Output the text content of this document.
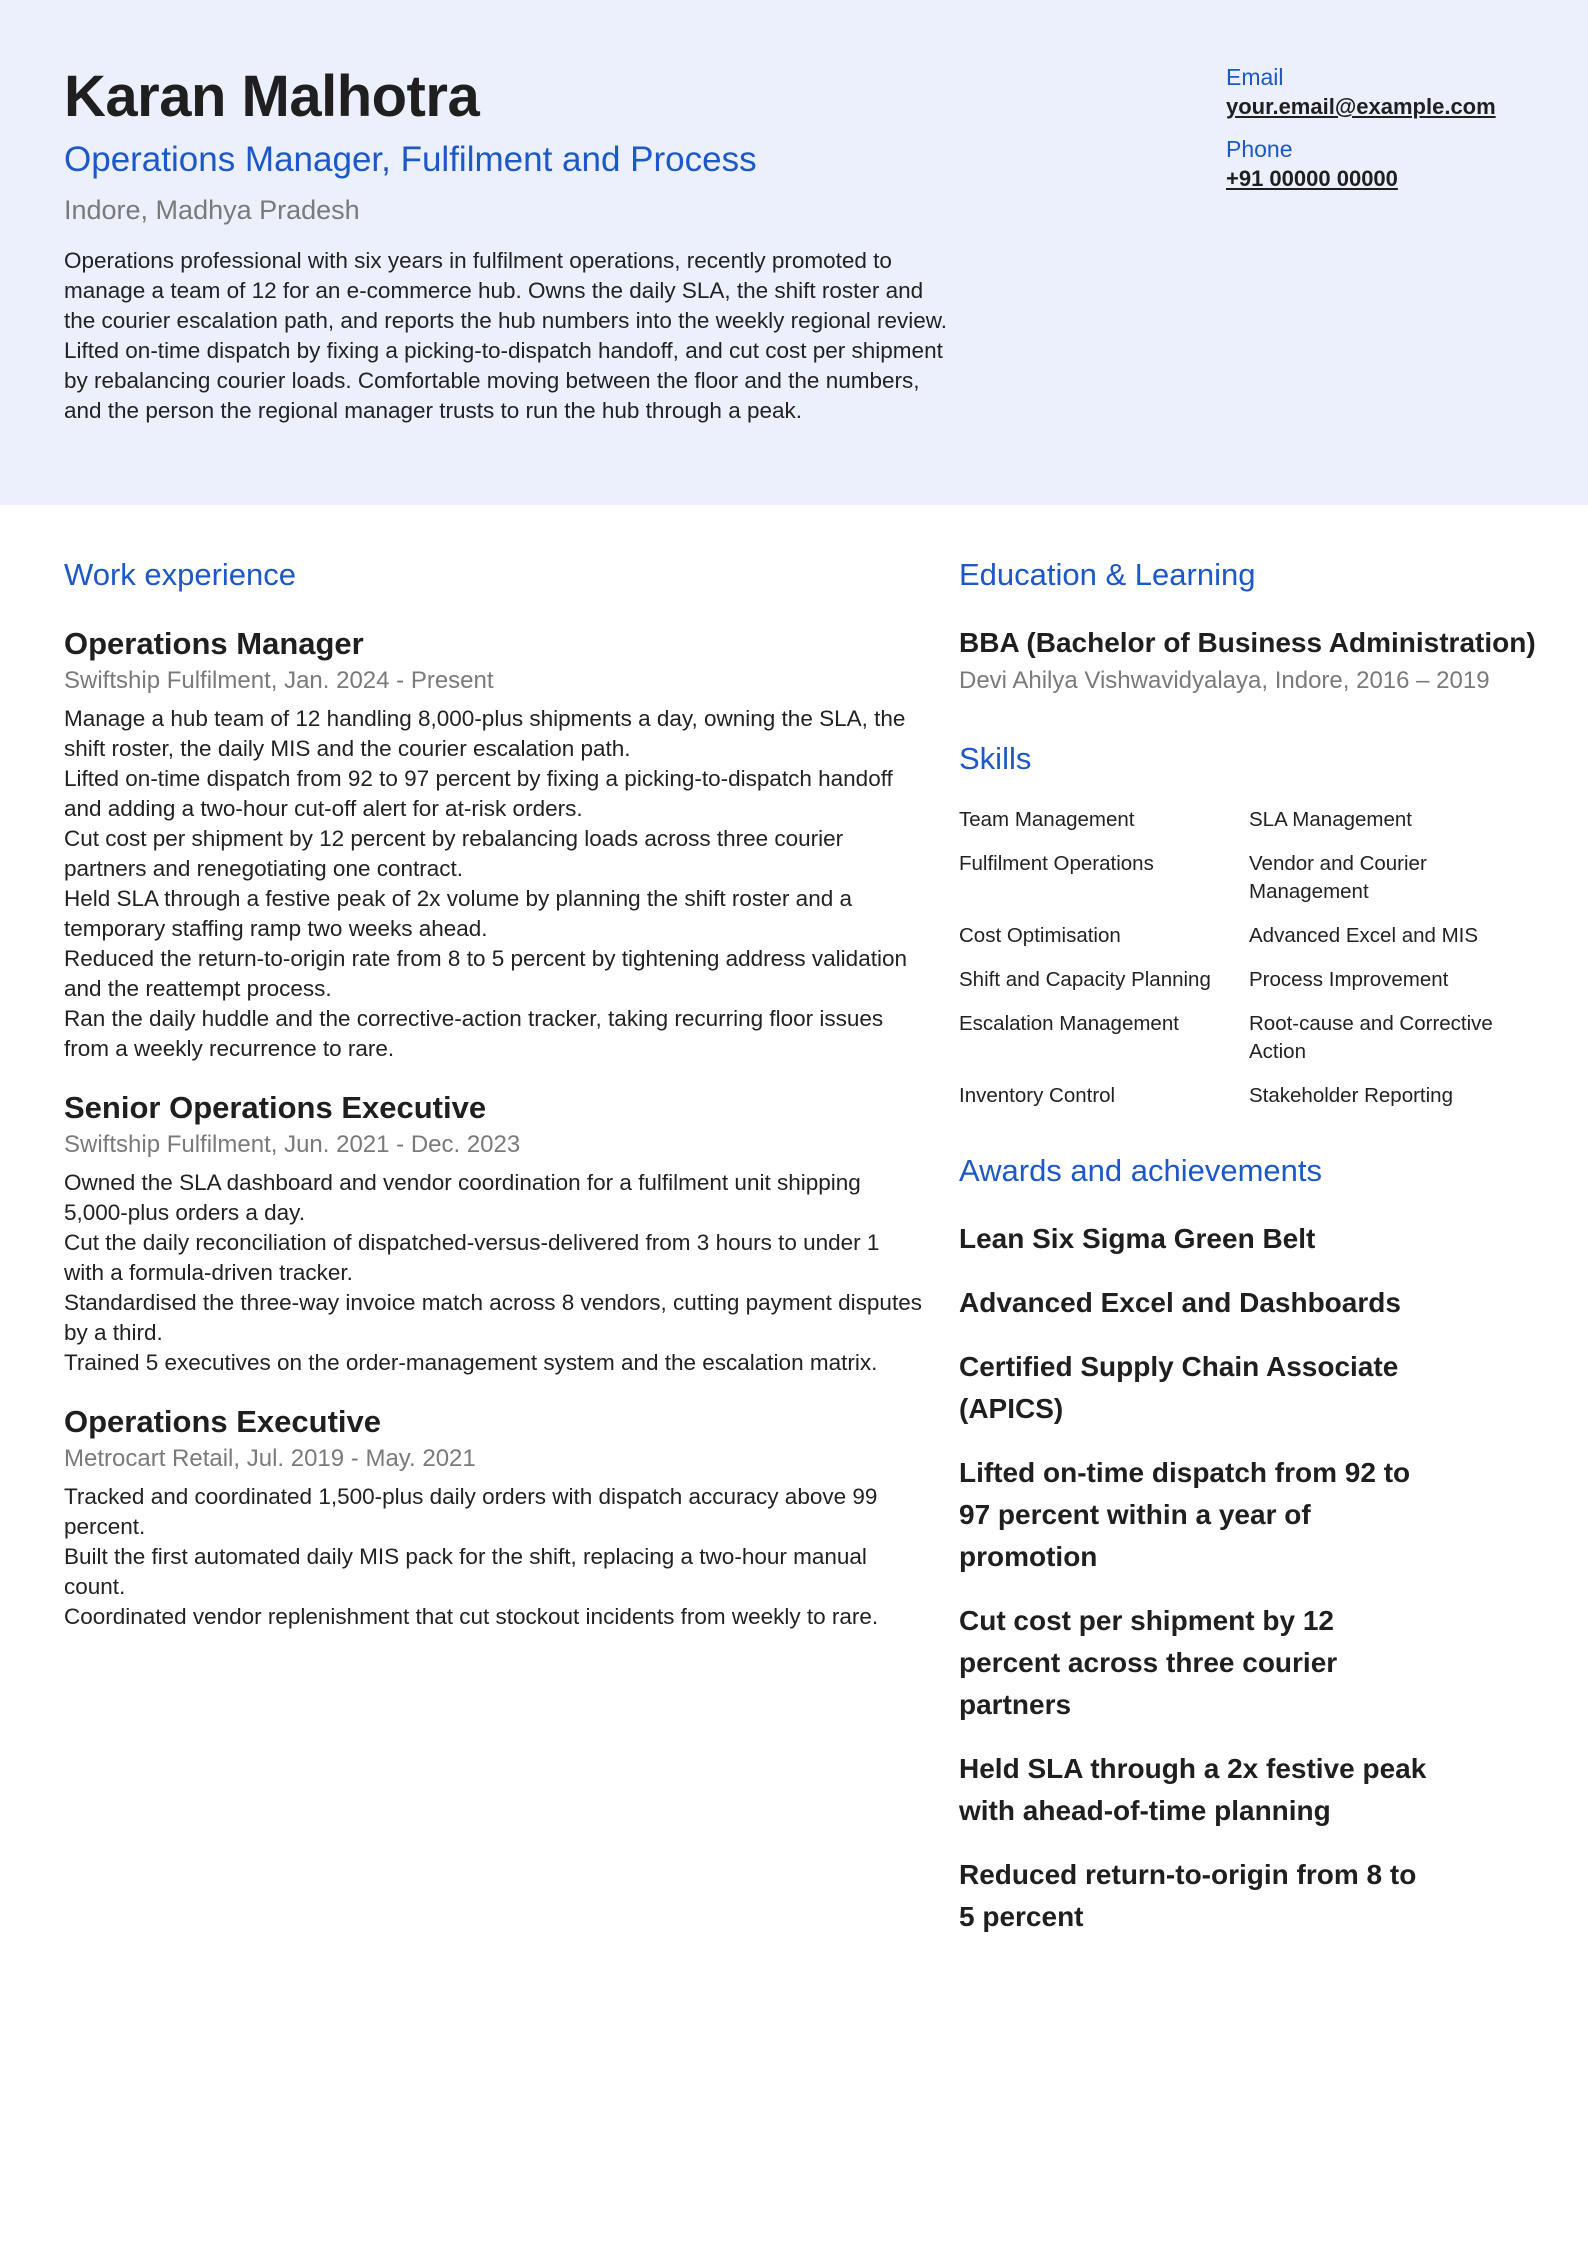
Karan Malhotra
Operations Manager, Fulfilment and Process

Indore, Madhya Pradesh

Operations professional with six years in fulfilment operations, recently promoted to manage a team of 12 for an e-commerce hub. Owns the daily SLA, the shift roster and the courier escalation path, and reports the hub numbers into the weekly regional review. Lifted on-time dispatch by fixing a picking-to-dispatch handoff, and cut cost per shipment by rebalancing courier loads. Comfortable moving between the floor and the numbers, and the person the regional manager trusts to run the hub through a peak.

Email

your.email@example.com

Phone

+91 00000 00000
Work experience

Operations Manager

Swiftship Fulfilment, Jan. 2024 - Present

Manage a hub team of 12 handling 8,000-plus shipments a day, owning the SLA, the shift roster, the daily MIS and the courier escalation path.
Lifted on-time dispatch from 92 to 97 percent by fixing a picking-to-dispatch handoff and adding a two-hour cut-off alert for at-risk orders.
Cut cost per shipment by 12 percent by rebalancing loads across three courier partners and renegotiating one contract.
Held SLA through a festive peak of 2x volume by planning the shift roster and a temporary staffing ramp two weeks ahead.
Reduced the return-to-origin rate from 8 to 5 percent by tightening address validation and the reattempt process.
Ran the daily huddle and the corrective-action tracker, taking recurring floor issues from a weekly recurrence to rare.

Senior Operations Executive

Swiftship Fulfilment, Jun. 2021 - Dec. 2023

Owned the SLA dashboard and vendor coordination for a fulfilment unit shipping 5,000-plus orders a day.
Cut the daily reconciliation of dispatched-versus-delivered from 3 hours to under 1 with a formula-driven tracker.
Standardised the three-way invoice match across 8 vendors, cutting payment disputes by a third.
Trained 5 executives on the order-management system and the escalation matrix.

Operations Executive

Metrocart Retail, Jul. 2019 - May. 2021

Tracked and coordinated 1,500-plus daily orders with dispatch accuracy above 99 percent.
Built the first automated daily MIS pack for the shift, replacing a two-hour manual count.
Coordinated vendor replenishment that cut stockout incidents from weekly to rare.
Education & Learning

BBA (Bachelor of Business Administration)

Devi Ahilya Vishwavidyalaya, Indore, 2016 – 2019

Skills

Team Management	SLA Management

Fulfilment Operations	Vendor and Courier Management

Cost Optimisation	Advanced Excel and MIS

Shift and Capacity Planning	Process Improvement

Escalation Management	Root-cause and Corrective Action

Inventory Control	Stakeholder Reporting

Awards and achievements

Lean Six Sigma Green Belt

Advanced Excel and Dashboards

Certified Supply Chain Associate (APICS)

Lifted on-time dispatch from 92 to 97 percent within a year of promotion

Cut cost per shipment by 12 percent across three courier partners

Held SLA through a 2x festive peak with ahead-of-time planning

Reduced return-to-origin from 8 to 5 percent
